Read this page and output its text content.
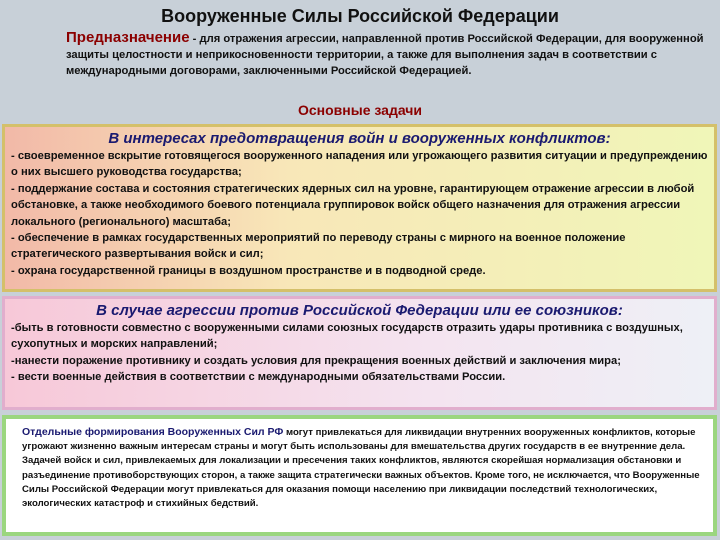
Вооруженные Силы Российской Федерации
Предназначение - для отражения агрессии, направленной против Российской Федерации, для вооруженной защиты целостности и неприкосновенности территории, а также для выполнения задач в соответствии с международными договорами, заключенными Российской Федерацией.
Основные задачи
В интересах предотвращения войн и вооруженных конфликтов:
- своевременное вскрытие готовящегося вооруженного нападения или угрожающего развития ситуации и предупреждению о них высшего руководства государства;
- поддержание состава и состояния стратегических ядерных сил на уровне, гарантирующем отражение агрессии в любой обстановке, а также необходимого боевого потенциала группировок войск общего назначения для отражения агрессии локального (регионального) масштаба;
- обеспечение в рамках государственных мероприятий по переводу страны с мирного на военное положение стратегического развертывания войск и сил;
- охрана государственной границы в воздушном пространстве и в подводной среде.
В случае агрессии против Российской Федерации или ее союзников:
-быть в готовности совместно с вооруженными силами союзных государств отразить удары противника с воздушных, сухопутных и морских направлений;
-нанести поражение противнику и создать условия для прекращения военных действий и заключения мира;
- вести военные действия в соответствии с международными обязательствами России.
Отдельные формирования Вооруженных Сил РФ могут привлекаться для ликвидации внутренних вооруженных конфликтов, которые угрожают жизненно важным интересам страны и могут быть использованы для вмешательства других государств в ее внутренние дела. Задачей войск и сил, привлекаемых для локализации и пресечения таких конфликтов, являются скорейшая нормализация обстановки и разъединение противоборствующих сторон, а также защита стратегически важных объектов. Кроме того, не исключается, что Вооруженные Силы Российской Федерации могут привлекаться для оказания помощи населению при ликвидации последствий технологических, экологических катастроф и стихийных бедствий.
